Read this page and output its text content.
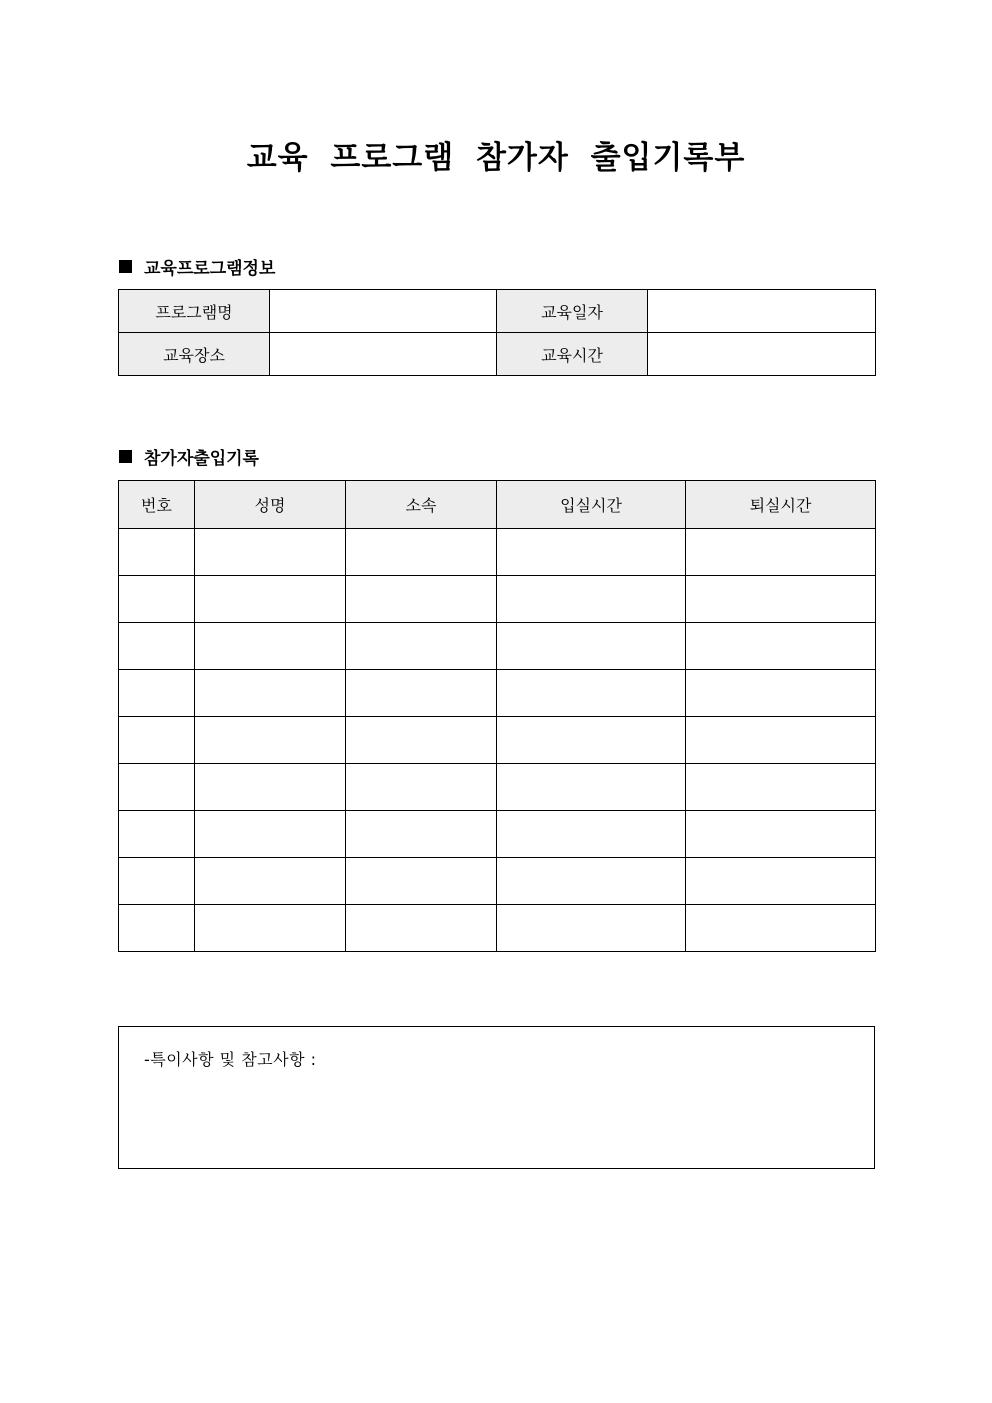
교육 프로그램 참가자 출입기록부
교육프로그램정보
프로그램명		교육일자	
교육장소		교육시간	
참가자출입기록
번호	성명	소속	입실시간	퇴실시간

-특이사항 및 참고사항 :
